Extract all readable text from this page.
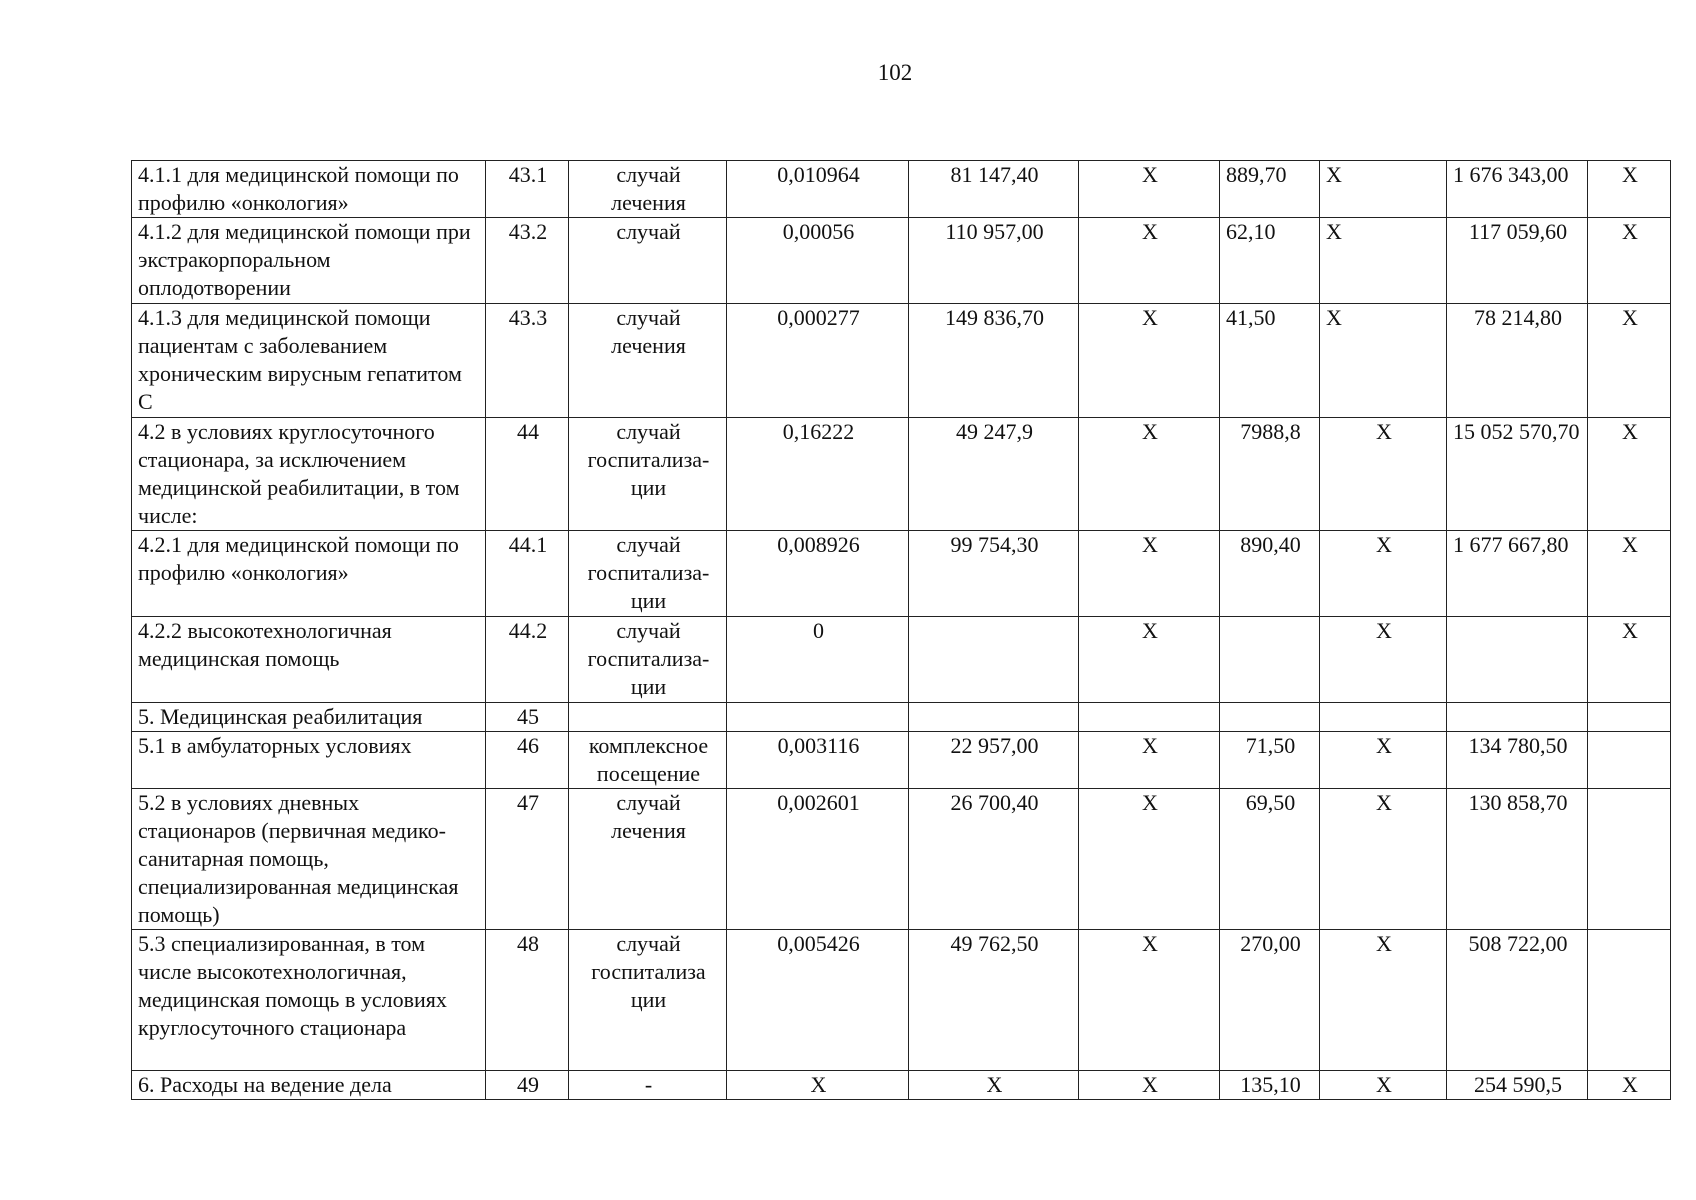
102
4.1.1 для медицинской помощи по профилю «онкология»	43.1	случай
лечения	0,010964	81 147,40	Х	889,70	Х	1 676 343,00	Х
4.1.2 для медицинской помощи при экстракорпоральном оплодотворении	43.2	случай	0,00056	110 957,00	Х	62,10	Х	117 059,60	Х
4.1.3 для медицинской помощи пациентам с заболеванием хроническим вирусным гепатитом С	43.3	случай
лечения	0,000277	149 836,70	Х	41,50	Х	78 214,80	Х
4.2 в условиях круглосуточного стационара, за исключением медицинской реабилитации, в том числе:	44	случай
госпитализа-
ции	0,16222	49 247,9	Х	7988,8	Х	15 052 570,70	Х
4.2.1 для медицинской помощи по профилю «онкология»	44.1	случай
госпитализа-
ции	0,008926	99 754,30	Х	890,40	Х	1 677 667,80	Х
4.2.2 высокотехнологичная медицинская помощь	44.2	случай
госпитализа-
ции	0		Х		Х		Х
5. Медицинская реабилитация	45								
5.1 в амбулаторных условиях	46	комплексное
посещение	0,003116	22 957,00	Х	71,50	Х	134 780,50	
5.2 в условиях дневных стационаров (первичная медико-санитарная помощь, специализированная медицинская помощь)	47	случай
лечения	0,002601	26 700,40	Х	69,50	Х	130 858,70	
5.3 специализированная, в том числе высокотехнологичная, медицинская помощь в условиях круглосуточного стационара	48	случай
госпитализа
ции	0,005426	49 762,50	Х	270,00	Х	508 722,00	
6. Расходы на ведение дела	49	-	Х	Х	Х	135,10	Х	254 590,5	Х
